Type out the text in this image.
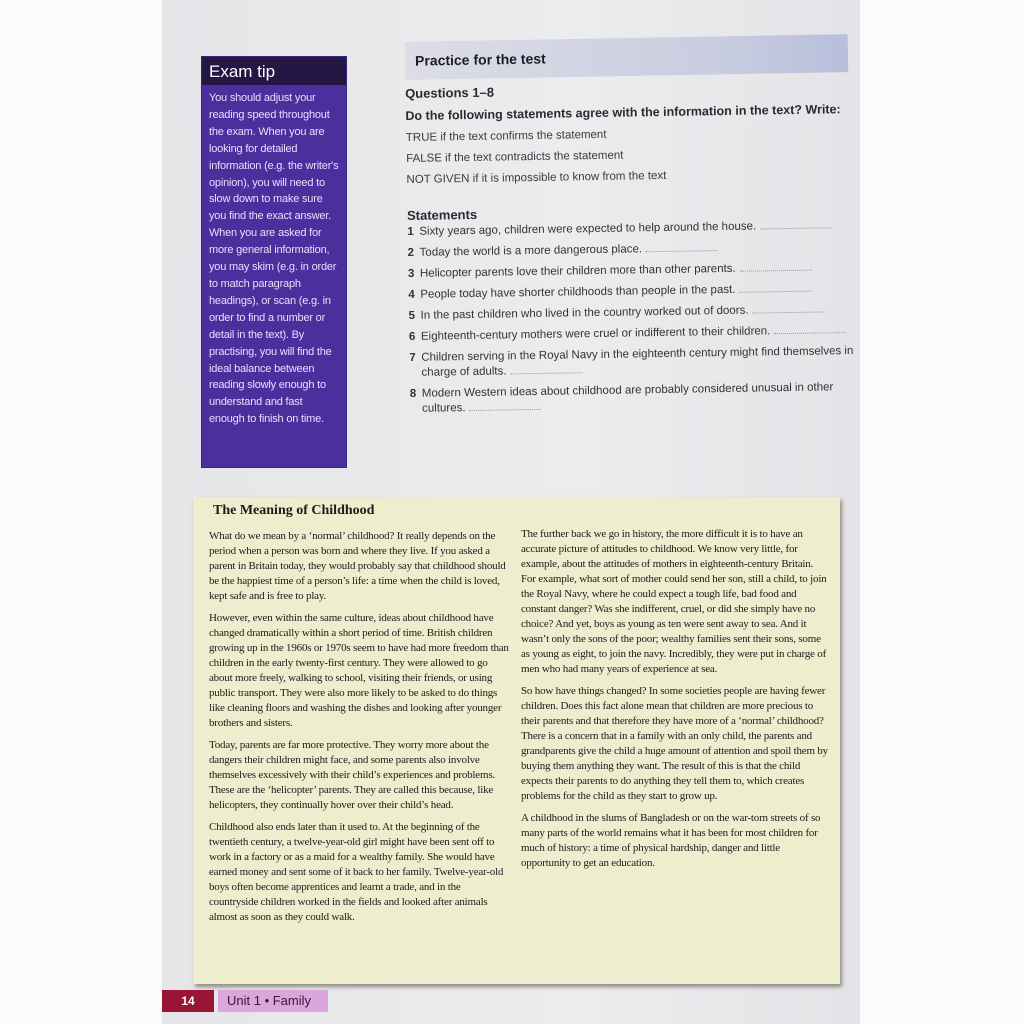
Exam tip
You should adjust your reading speed throughout the exam. When you are looking for detailed information (e.g. the writer's opinion), you will need to slow down to make sure you find the exact answer. When you are asked for more general information, you may skim (e.g. in order to match paragraph headings), or scan (e.g. in order to find a number or detail in the text). By practising, you will find the ideal balance between reading slowly enough to understand and fast enough to finish on time.
Practice for the test
Questions 1–8
Do the following statements agree with the information in the text? Write:
TRUE if the text confirms the statement
FALSE if the text contradicts the statement
NOT GIVEN if it is impossible to know from the text
Statements
1 Sixty years ago, children were expected to help around the house.
2 Today the world is a more dangerous place.
3 Helicopter parents love their children more than other parents.
4 People today have shorter childhoods than people in the past.
5 In the past children who lived in the country worked out of doors.
6 Eighteenth-century mothers were cruel or indifferent to their children.
7 Children serving in the Royal Navy in the eighteenth century might find themselves in charge of adults.
8 Modern Western ideas about childhood are probably considered unusual in other cultures.
The Meaning of Childhood

What do we mean by a ‘normal’ childhood? It really depends on the period when a person was born and where they live. If you asked a parent in Britain today, they would probably say that childhood should be the happiest time of a person’s life: a time when the child is loved, kept safe and is free to play.

However, even within the same culture, ideas about childhood have changed dramatically within a short period of time. British children growing up in the 1960s or 1970s seem to have had more freedom than children in the early twenty-first century. They were allowed to go about more freely, walking to school, visiting their friends, or using public transport. They were also more likely to be asked to do things like cleaning floors and washing the dishes and looking after younger brothers and sisters.

Today, parents are far more protective. They worry more about the dangers their children might face, and some parents also involve themselves excessively with their child’s experiences and problems. These are the ‘helicopter’ parents. They are called this because, like helicopters, they continually hover over their child’s head.

Childhood also ends later than it used to. At the beginning of the twentieth century, a twelve-year-old girl might have been sent off to work in a factory or as a maid for a wealthy family. She would have earned money and sent some of it back to her family. Twelve-year-old boys often become apprentices and learnt a trade, and in the countryside children worked in the fields and looked after animals almost as soon as they could walk.

The further back we go in history, the more difficult it is to have an accurate picture of attitudes to childhood. We know very little, for example, about the attitudes of mothers in eighteenth-century Britain. For example, what sort of mother could send her son, still a child, to join the Royal Navy, where he could expect a tough life, bad food and constant danger? Was she indifferent, cruel, or did she simply have no choice? And yet, boys as young as ten were sent away to sea. And it wasn’t only the sons of the poor; wealthy families sent their sons, some as young as eight, to join the navy. Incredibly, they were put in charge of men who had many years of experience at sea.

So how have things changed? In some societies people are having fewer children. Does this fact alone mean that children are more precious to their parents and that therefore they have more of a ‘normal’ childhood? There is a concern that in a family with an only child, the parents and grandparents give the child a huge amount of attention and spoil them by buying them anything they want. The result of this is that the child expects their parents to do anything they tell them to, which creates problems for the child as they start to grow up.

A childhood in the slums of Bangladesh or on the war-torn streets of so many parts of the world remains what it has been for most children for much of history: a time of physical hardship, danger and little opportunity to get an education.

14	Unit 1 • Family
